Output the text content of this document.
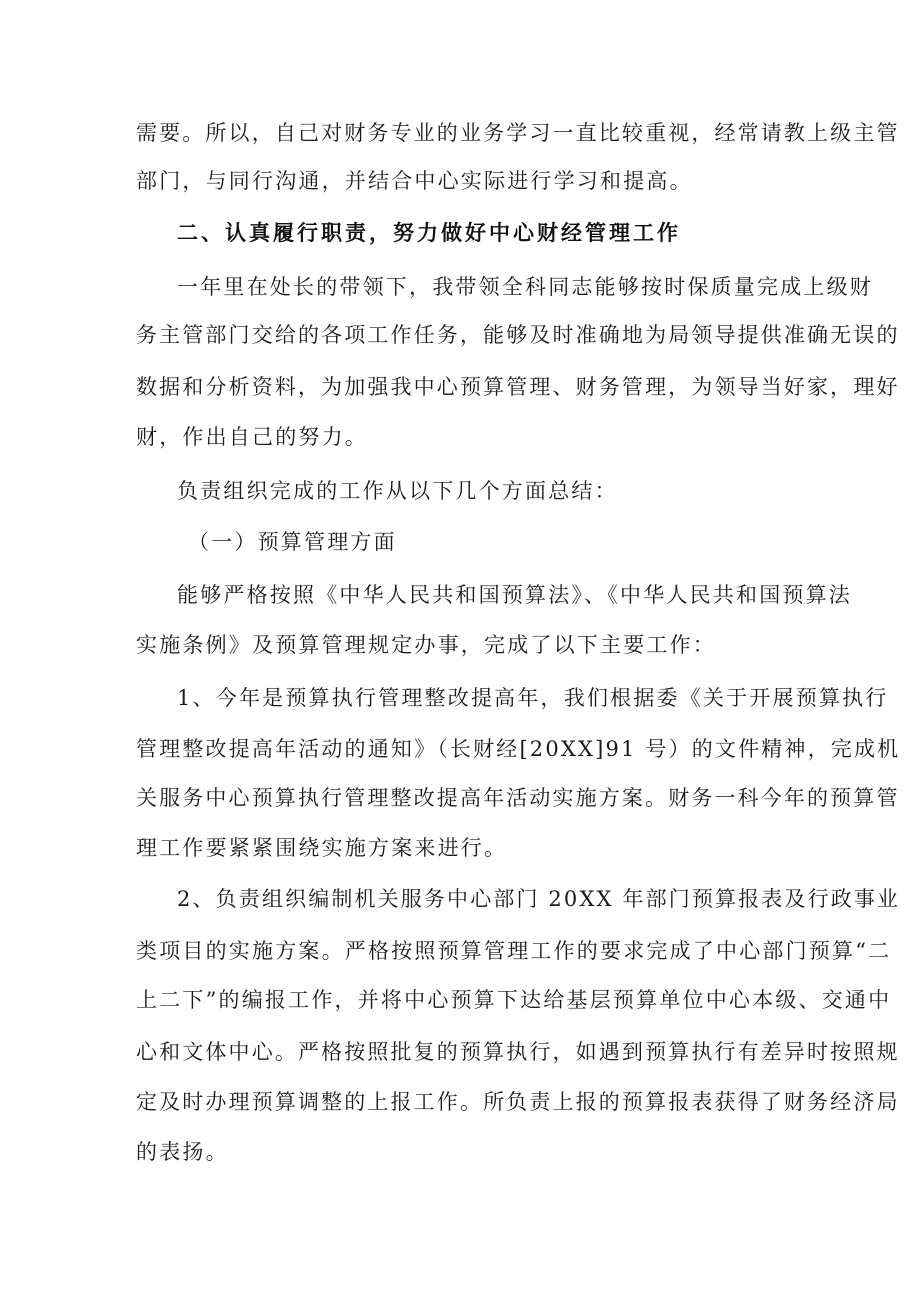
需要。所以，自己对财务专业的业务学习一直比较重视，经常请教上级主管
部门，与同行沟通，并结合中心实际进行学习和提高。
二、认真履行职责，努力做好中心财经管理工作
一年里在处长的带领下，我带领全科同志能够按时保质量完成上级财
务主管部门交给的各项工作任务，能够及时准确地为局领导提供准确无误的
数据和分析资料，为加强我中心预算管理、财务管理，为领导当好家，理好
财，作出自己的努力。
负责组织完成的工作从以下几个方面总结：
（一）预算管理方面
能够严格按照《中华人民共和国预算法》、《中华人民共和国预算法
实施条例》及预算管理规定办事，完成了以下主要工作：
1、今年是预算执行管理整改提高年，我们根据委《关于开展预算执行
管理整改提高年活动的通知》（长财经[20XX]91 号）的文件精神，完成机
关服务中心预算执行管理整改提高年活动实施方案。财务一科今年的预算管
理工作要紧紧围绕实施方案来进行。
2、负责组织编制机关服务中心部门 20XX 年部门预算报表及行政事业
类项目的实施方案。严格按照预算管理工作的要求完成了中心部门预算“二
上二下”的编报工作，并将中心预算下达给基层预算单位中心本级、交通中
心和文体中心。严格按照批复的预算执行，如遇到预算执行有差异时按照规
定及时办理预算调整的上报工作。所负责上报的预算报表获得了财务经济局
的表扬。
